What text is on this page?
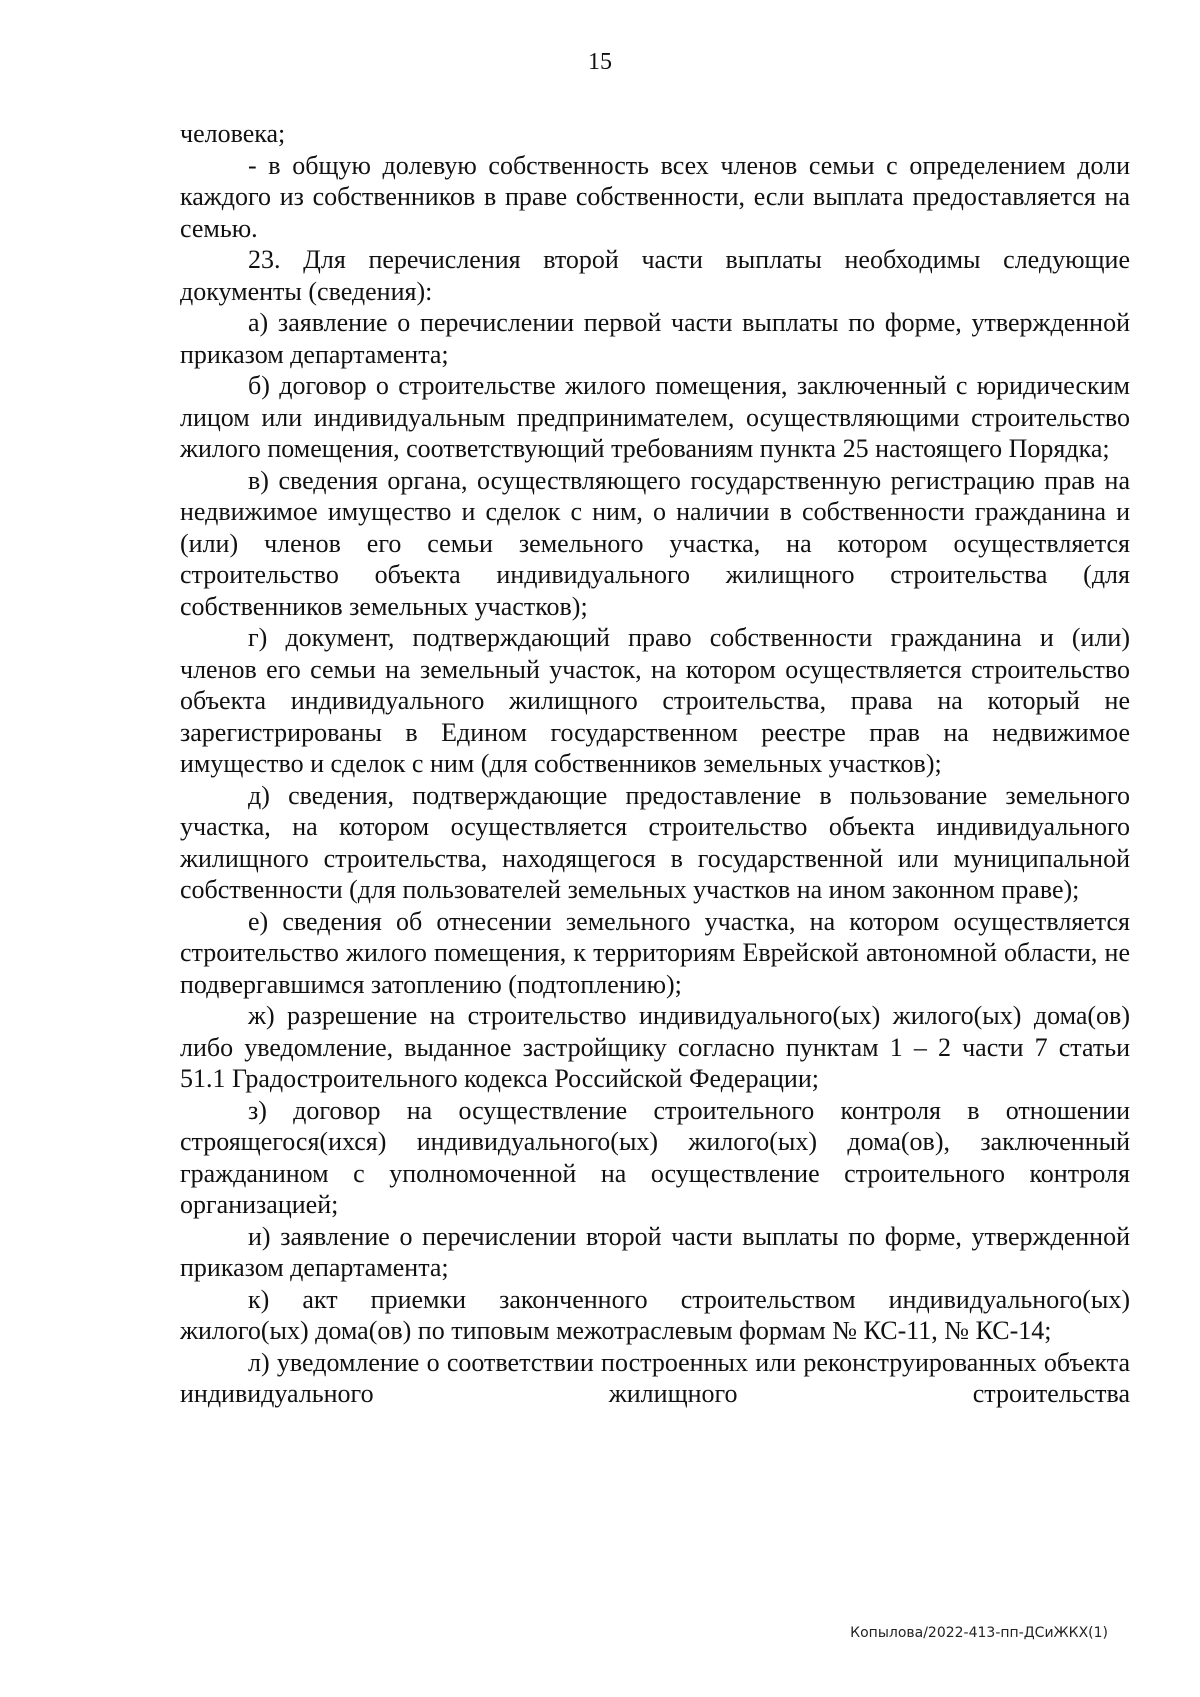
15

человека;

- в общую долевую собственность всех членов семьи с определением доли каждого из собственников в праве собственности, если выплата предоставляется на семью.

23. Для перечисления второй части выплаты необходимы следующие документы (сведения):

а) заявление о перечислении первой части выплаты по форме, утвержденной приказом департамента;

б) договор о строительстве жилого помещения, заключенный с юридическим лицом или индивидуальным предпринимателем, осуществляющими строительство жилого помещения, соответствующий требованиям пункта 25 настоящего Порядка;

в) сведения органа, осуществляющего государственную регистрацию прав на недвижимое имущество и сделок с ним, о наличии в собственности гражданина и (или) членов его семьи земельного участка, на котором осуществляется строительство объекта индивидуального жилищного строительства (для собственников земельных участков);

г) документ, подтверждающий право собственности гражданина и (или) членов его семьи на земельный участок, на котором осуществляется строительство объекта индивидуального жилищного строительства, права на который не зарегистрированы в Едином государственном реестре прав на недвижимое имущество и сделок с ним (для собственников земельных участков);

д) сведения, подтверждающие предоставление в пользование земельного участка, на котором осуществляется строительство объекта индивидуального жилищного строительства, находящегося в государственной или муниципальной собственности (для пользователей земельных участков на ином законном праве);

е) сведения об отнесении земельного участка, на котором осуществляется строительство жилого помещения, к территориям Еврейской автономной области, не подвергавшимся затоплению (подтоплению);

ж) разрешение на строительство индивидуального(ых) жилого(ых) дома(ов) либо уведомление, выданное застройщику согласно пунктам 1 – 2 части 7 статьи 51.1 Градостроительного кодекса Российской Федерации;

з) договор на осуществление строительного контроля в отношении строящегося(ихся) индивидуального(ых) жилого(ых) дома(ов), заключенный гражданином с уполномоченной на осуществление строительного контроля организацией;

и) заявление о перечислении второй части выплаты по форме, утвержденной приказом департамента;

к) акт приемки законченного строительством индивидуального(ых) жилого(ых) дома(ов) по типовым межотраслевым формам № КС-11, № КС-14;

л) уведомление о соответствии построенных или реконструированных объекта индивидуального жилищного строительства

Копылова/2022-413-пп-ДСиЖКХ(1)
